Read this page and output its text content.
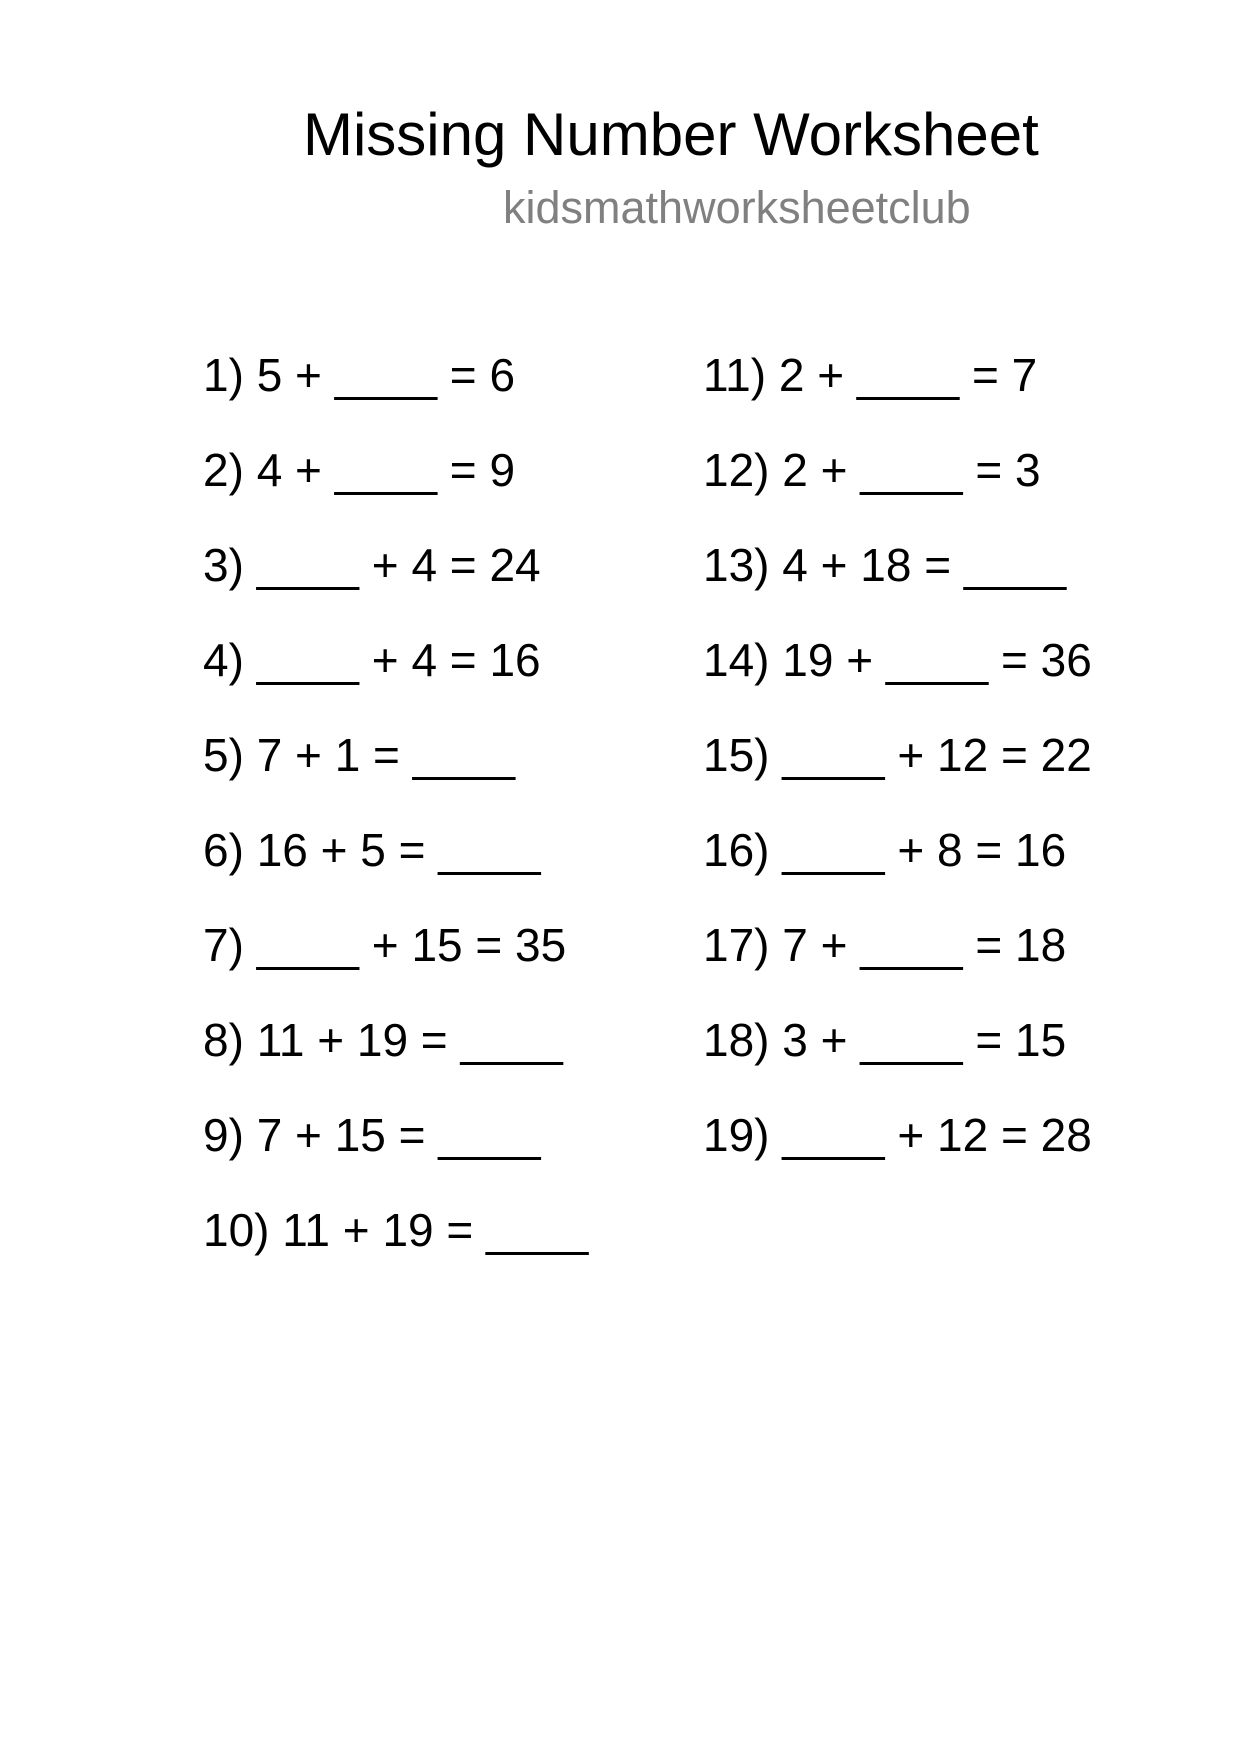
Missing Number Worksheet
kidsmathworksheetclub
1) 5 + ____ = 6
2) 4 + ____ = 9
3) ____ + 4 = 24
4) ____ + 4 = 16
5) 7 + 1 = ____
6) 16 + 5 = ____
7) ____ + 15 = 35
8) 11 + 19 = ____
9) 7 + 15 = ____
10) 11 + 19 = ____
11) 2 + ____ = 7
12) 2 + ____ = 3
13) 4 + 18 = ____
14) 19 + ____ = 36
15) ____ + 12 = 22
16) ____ + 8 = 16
17) 7 + ____ = 18
18) 3 + ____ = 15
19) ____ + 12 = 28
